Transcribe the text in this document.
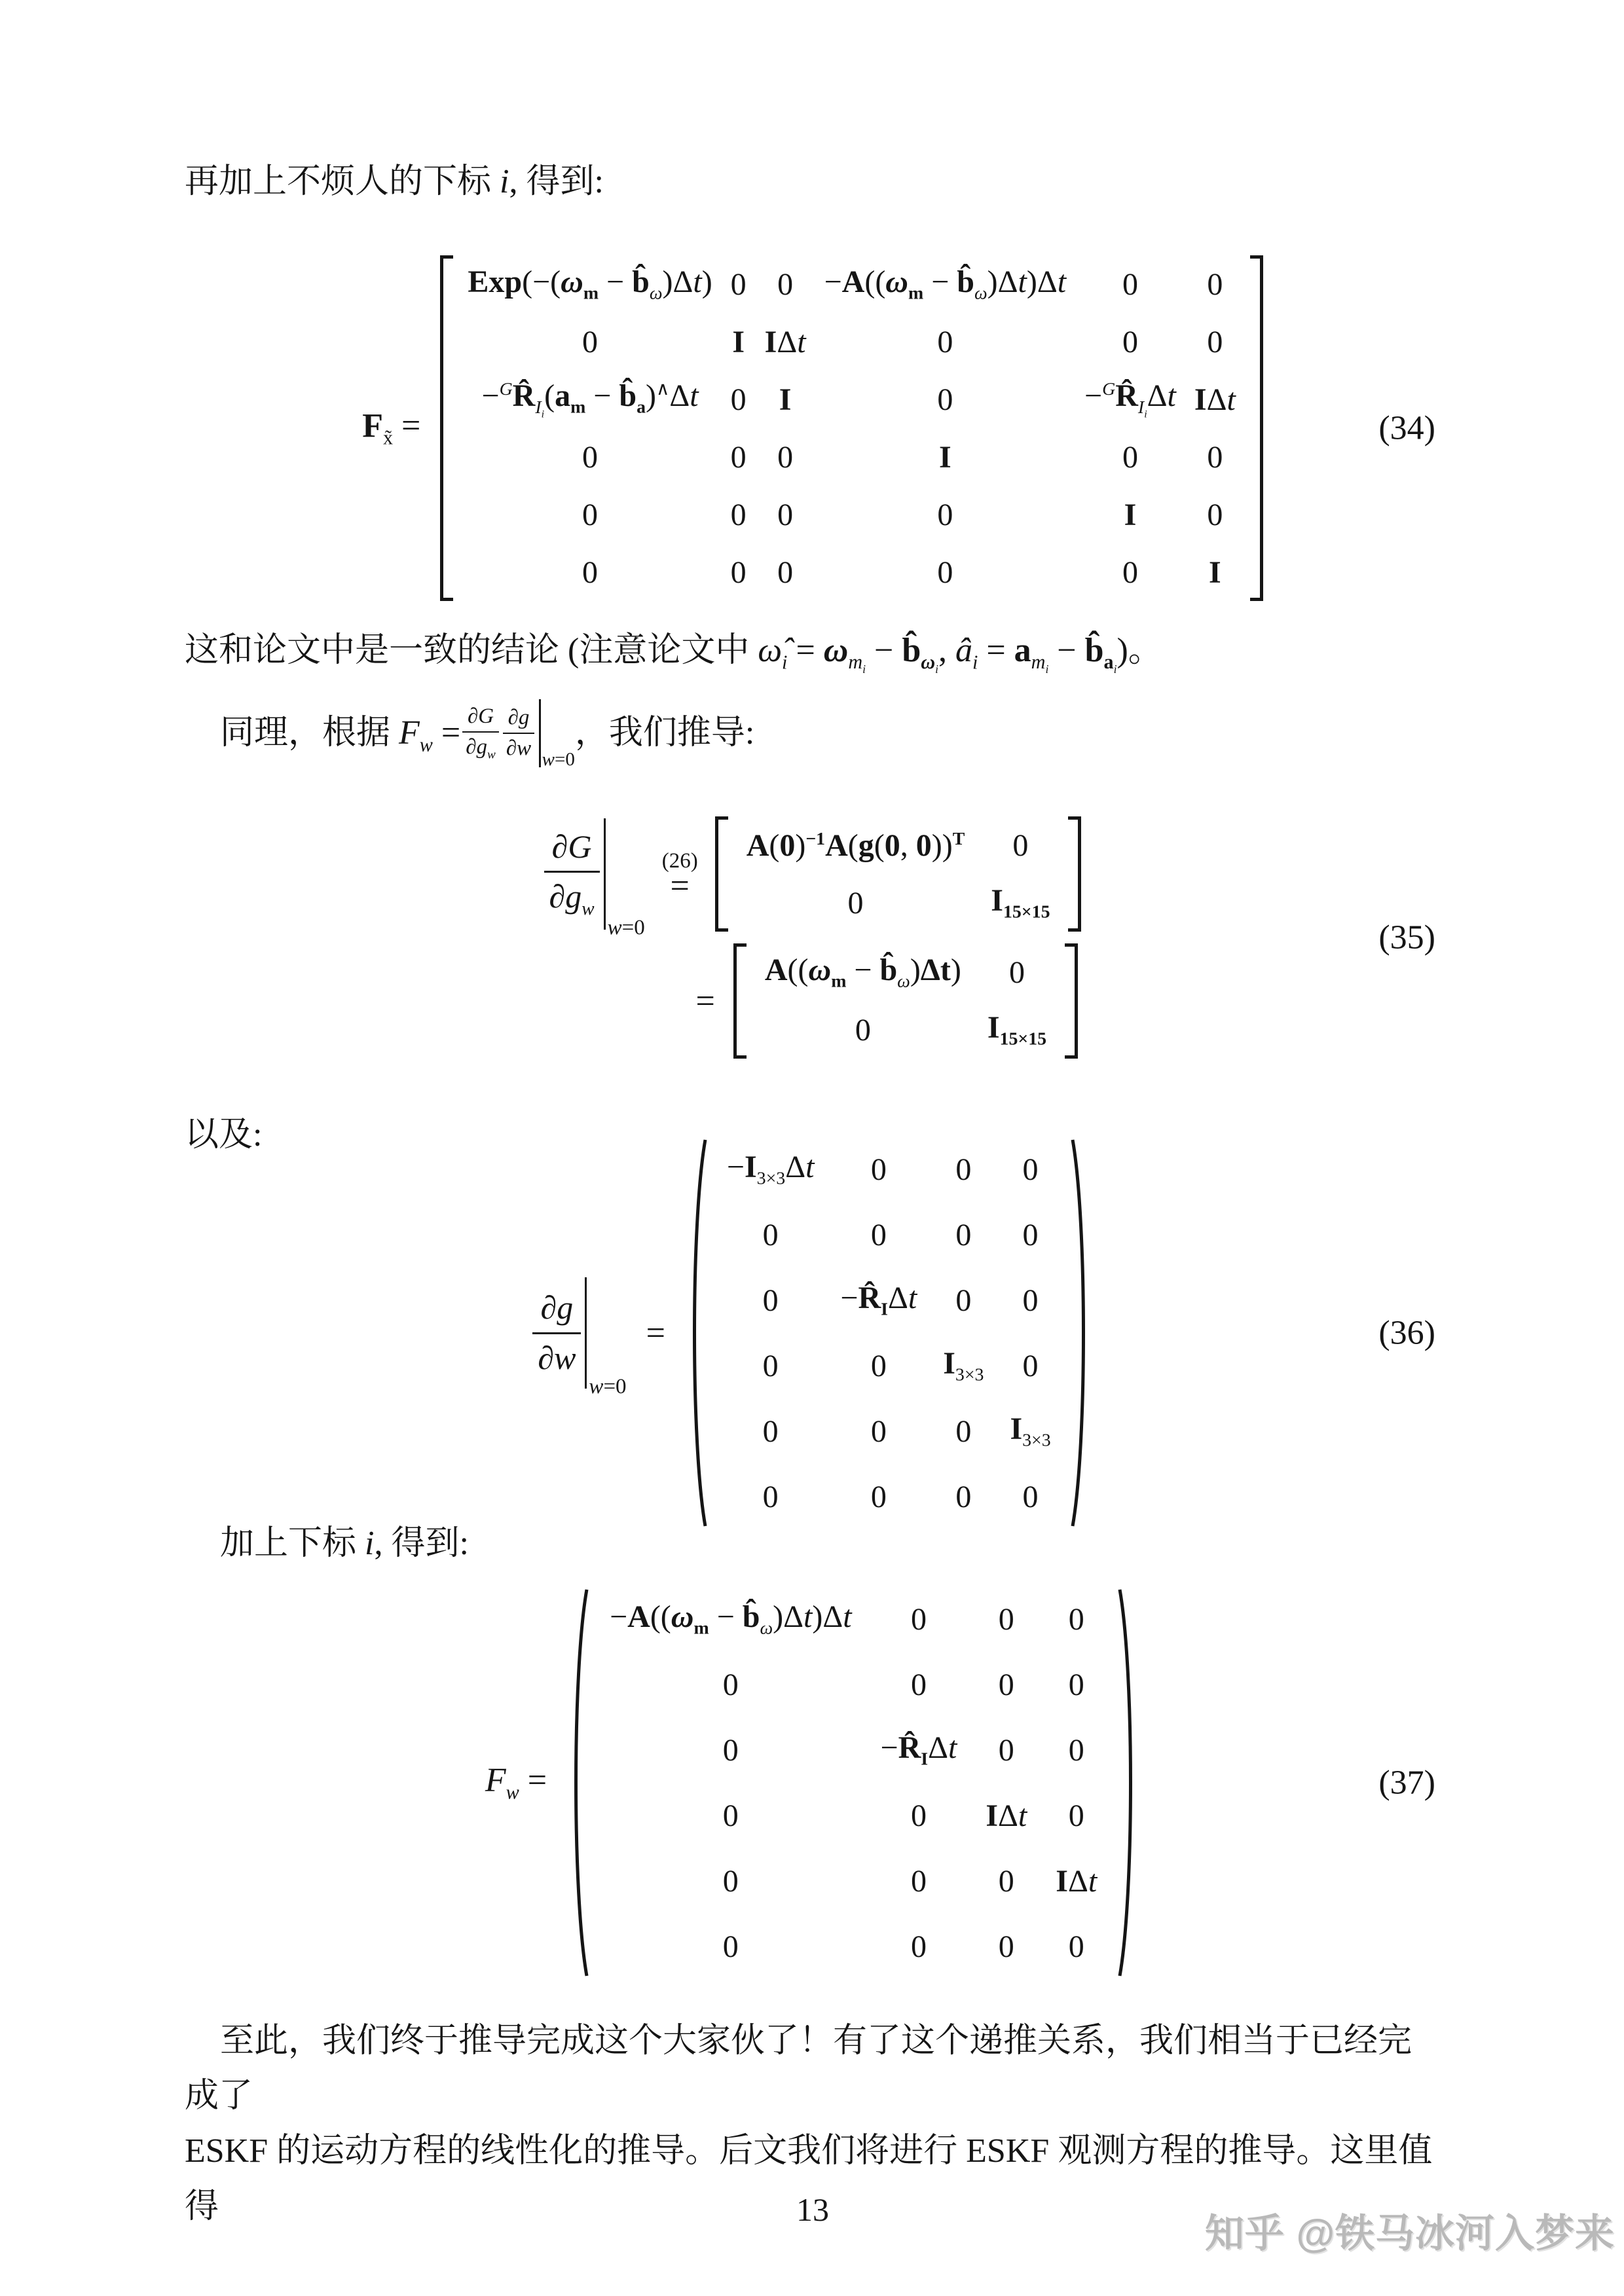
再加上不烦人的下标 i, 得到:

$F_{x̃}$ =
$Exp(-(\omega_m$ − $b̂_\omega)\Delta t$)	0	0	$-A((\omega_m$ − $b̂_\omega)\Delta t)\Delta t$	0	0
0	I	IΔt	0	0	0
$-^GR̂_{I_i}(a_m$ − $b̂_a)^\wedge\Delta t$	0	I	0	$-^GR̂_{I_i}\Delta t$	IΔt
0	0	0	I	0	0
0	0	0	0	I	0
0	0	0	0	0	I
(34)

这和论文中是一致的结论 (注意论文中 $\omegâ_i = \omega_{m_i}$ − $b̂_{\omega_i}$, $â_i = a_{m_i}$ − $b̂_{a_i}$)。

同理，根据 $F_w = \frac{\partial G}{\partial g_w} \frac{\partial g}{\partial w} w=0$
，我们推导:
$\frac{\partial G}{\partial g_w}$
w=0
(26)
=
$A(0)^{-1}A(g(0$, 0))$^T$	0
0	$I_{15\times 15}$
=
$A((\omega_m$ − $b̂_\omega)\Delta t$)	0
0	$I_{15\times 15}$
(35)

以及:

$\frac{\partial g}{\partial w}$
w=0
=
$-I_{3\times 3}\Delta t$	0	0	0
0	0	0	0
0	$-R̂_I\Delta t$	0	0
0	0	$I_{3\times 3}$	0
0	0	0	$I_{3\times 3}$
0	0	0	0
(36)

加上下标 i, 得到:

$F_w$ =
$-A((\omega_m$ − $b̂_\omega)\Delta t)\Delta t$	0	0	0
0	0	0	0
0	$-R̂_I\Delta t$	0	0
0	0	IΔt	0
0	0	0	IΔt
0	0	0	0
(37)
至此，我们终于推导完成这个大家伙了！有了这个递推关系，我们相当于已经完成了
ESKF 的运动方程的线性化的推导。后文我们将进行 ESKF 观测方程的推导。这里值得	13
知乎 @铁马冰河入梦来
